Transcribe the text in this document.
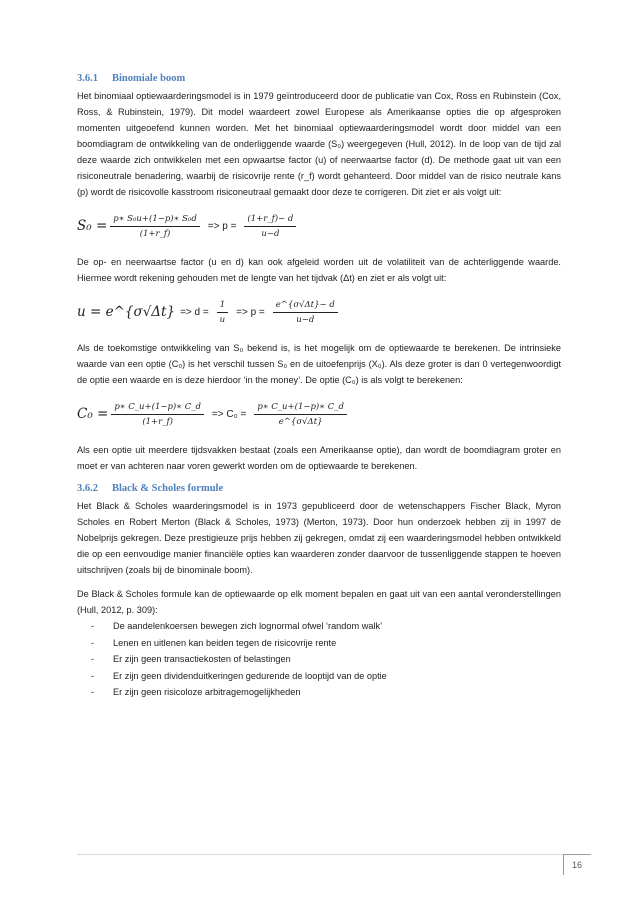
3.6.1 Binomiale boom

Het binomiaal optiewaarderingsmodel is in 1979 geïntroduceerd door de publicatie van Cox, Ross en Rubinstein (Cox, Ross, & Rubinstein, 1979). Dit model waardeert zowel Europese als Amerikaanse opties die op afgesproken momenten uitgeoefend kunnen worden. Met het binomiaal optiewaarderingsmodel wordt door middel van een boomdiagram de ontwikkeling van de onderliggende waarde (S₀) weergegeven (Hull, 2012). In de loop van de tijd zal deze waarde zich ontwikkelen met een opwaartse factor (u) of neerwaartse factor (d). De methode gaat uit van een risiconeutrale benadering, waarbij de risicovrije rente (r_f) wordt gehanteerd. Door middel van de risico neutrale kans (p) wordt de risicovolle kasstroom risiconeutraal gemaakt door deze te corrigeren. Dit ziet er als volgt uit:

$S_0 = \frac{\text{p∗ S₀u+(1−p)∗ S₀d}}{(1+r\_f)} => p = \frac{(1+r\_f)- d}{u-d}$

De op- en neerwaartse factor (u en d) kan ook afgeleid worden uit de volatiliteit van de achterliggende waarde. Hiermee wordt rekening gehouden met de lengte van het tijdvak (Δt) en ziet er als volgt uit:

u = e^{σ√Δt} => $d = \frac{1}{u} => p = \frac{e\^{}\{\sigma√\Delta t\}- d}{u-d}$

Als de toekomstige ontwikkeling van S₀ bekend is, is het mogelijk om de optiewaarde te berekenen. De intrinsieke waarde van een optie (C₀) is het verschil tussen S₀ en de uitoefenprijs (X₀). Als deze groter is dan 0 vertegenwoordigt de optie een waarde en is deze hierdoor ‘in the money’. De optie (C₀) is als volgt te berekenen:

$C_0 = \frac{p∗ C\_u+(1-p)∗ C\_d}{(1+r\_f)} => C_0 = \frac{p∗ C\_u+(1-p)∗ C\_d}{e\^{}\{\sigma√\Delta t\}}$

Als een optie uit meerdere tijdsvakken bestaat (zoals een Amerikaanse optie), dan wordt de boomdiagram groter en moet er van achteren naar voren gewerkt worden om de optiewaarde te berekenen.

3.6.2 Black & Scholes formule

Het Black & Scholes waarderingsmodel is in 1973 gepubliceerd door de wetenschappers Fischer Black, Myron Scholes en Robert Merton (Black & Scholes, 1973) (Merton, 1973). Door hun onderzoek hebben zij in 1997 de Nobelprijs gekregen. Deze prestigieuze prijs hebben zij gekregen, omdat zij een waarderingsmodel hebben ontwikkeld die op een eenvoudige manier financiële opties kan waarderen zonder daarvoor de tussenliggende stappen te hoeven uitschrijven (zoals bij de binominale boom).

De Black & Scholes formule kan de optiewaarde op elk moment bepalen en gaat uit van een aantal veronderstellingen (Hull, 2012, p. 309):

- De aandelenkoersen bewegen zich lognormal ofwel ‘random walk’
- Lenen en uitlenen kan beiden tegen de risicovrije rente
- Er zijn geen transactiekosten of belastingen
- Er zijn geen dividenduitkeringen gedurende de looptijd van de optie
- Er zijn geen risicoloze arbitragemogelijkheden
16
